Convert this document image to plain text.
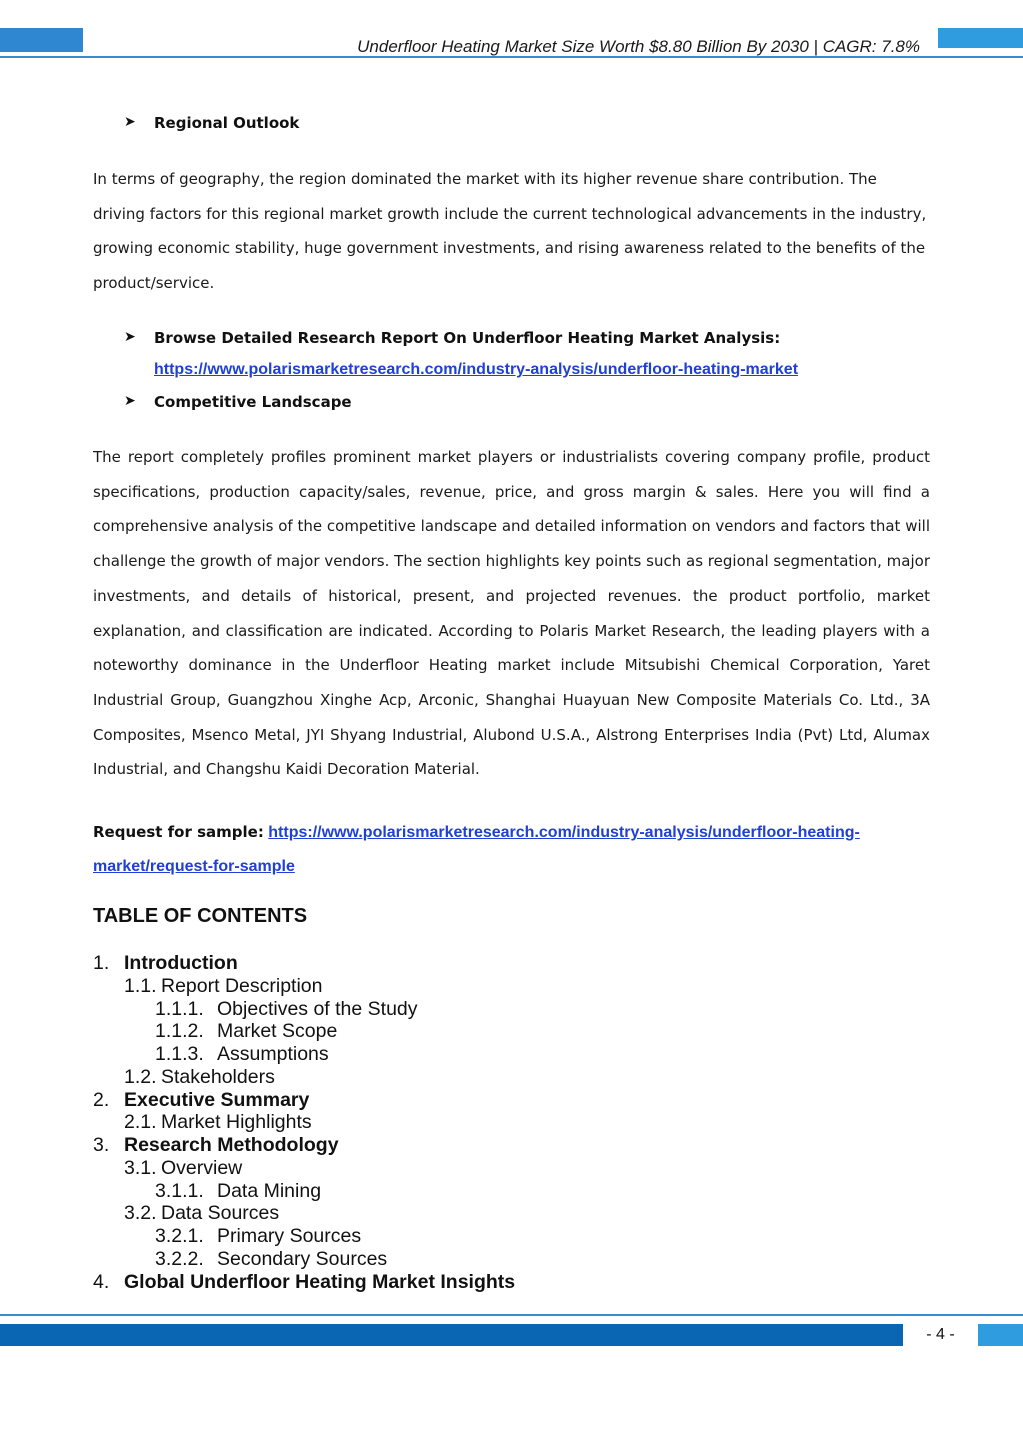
Underfloor Heating Market Size Worth $8.80 Billion By 2030 | CAGR: 7.8%
➤	Regional Outlook

In terms of geography, the region dominated the market with its higher revenue share contribution. The driving factors for this regional market growth include the current technological advancements in the industry, growing economic stability, huge government investments, and rising awareness related to the benefits of the product/service.

➤	Browse Detailed Research Report On Underfloor Heating Market Analysis:
https://www.polarismarketresearch.com/industry-analysis/underfloor-heating-market
➤	Competitive Landscape

The report completely profiles prominent market players or industrialists covering company profile, product specifications, production capacity/sales, revenue, price, and gross margin & sales. Here you will find a comprehensive analysis of the competitive landscape and detailed information on vendors and factors that will challenge the growth of major vendors. The section highlights key points such as regional segmentation, major investments, and details of historical, present, and projected revenues. the product portfolio, market explanation, and classification are indicated. According to Polaris Market Research, the leading players with a noteworthy dominance in the Underfloor Heating market include Mitsubishi Chemical Corporation, Yaret Industrial Group, Guangzhou Xinghe Acp, Arconic, Shanghai Huayuan New Composite Materials Co. Ltd., 3A Composites, Msenco Metal, JYI Shyang Industrial, Alubond U.S.A., Alstrong Enterprises India (Pvt) Ltd, Alumax Industrial, and Changshu Kaidi Decoration Material.

Request for sample: https://www.polarismarketresearch.com/industry-analysis/underfloor-heating-
market/request-for-sample
TABLE OF CONTENTS
1. Introduction
1.1. Report Description
1.1.1. Objectives of the Study
1.1.2. Market Scope
1.1.3. Assumptions
1.2. Stakeholders
2. Executive Summary
2.1. Market Highlights
3. Research Methodology
3.1. Overview
3.1.1. Data Mining
3.2. Data Sources
3.2.1. Primary Sources
3.2.2. Secondary Sources
4. Global Underfloor Heating Market Insights
- 4 -
